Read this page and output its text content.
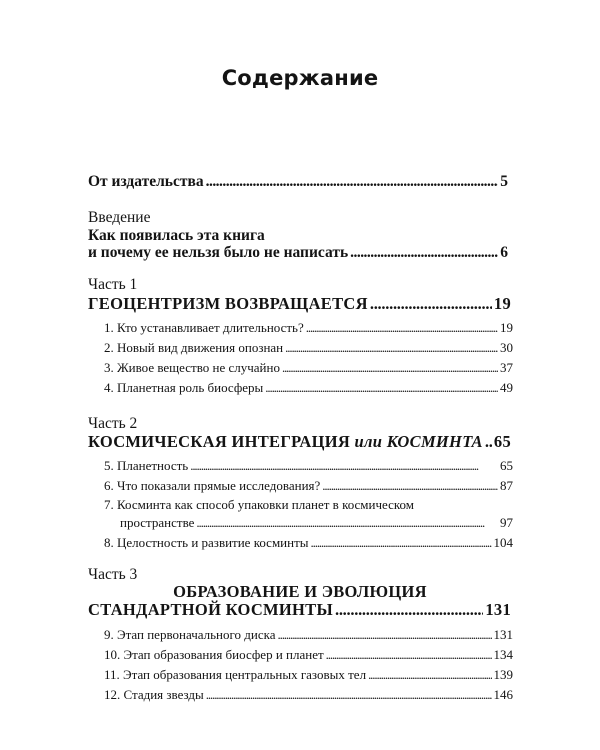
Содержание
От издательства . . .	5
Введение
Как появилась эта книга
и почему ее нельзя было не написать . . .	6
Часть 1
ГЕОЦЕНТРИЗМ ВОЗВРАЩАЕТСЯ . . .	19
1. Кто устанавливает длительность? . . .	19
2. Новый вид движения опознан . . .	30
3. Живое вещество не случайно . . .	37
4. Планетная роль биосферы . . .	49
Часть 2
КОСМИЧЕСКАЯ ИНТЕГРАЦИЯ или КОСМИНТА . . . 65
5. Планетность . . .	65
6. Что показали прямые исследования? . . .	87
7. Косминта как способ упаковки планет в космическом
пространстве . . .	97
8. Целостность и развитие косминты . . .	104
Часть 3
ОБРАЗОВАНИЕ И ЭВОЛЮЦИЯ
СТАНДАРТНОЙ КОСМИНТЫ . . .	131
9. Этап первоначального диска . . .	131
10. Этап образования биосфер и планет . . .	134
11. Этап образования центральных газовых тел . . .	139
12. Стадия звезды . . .	146
